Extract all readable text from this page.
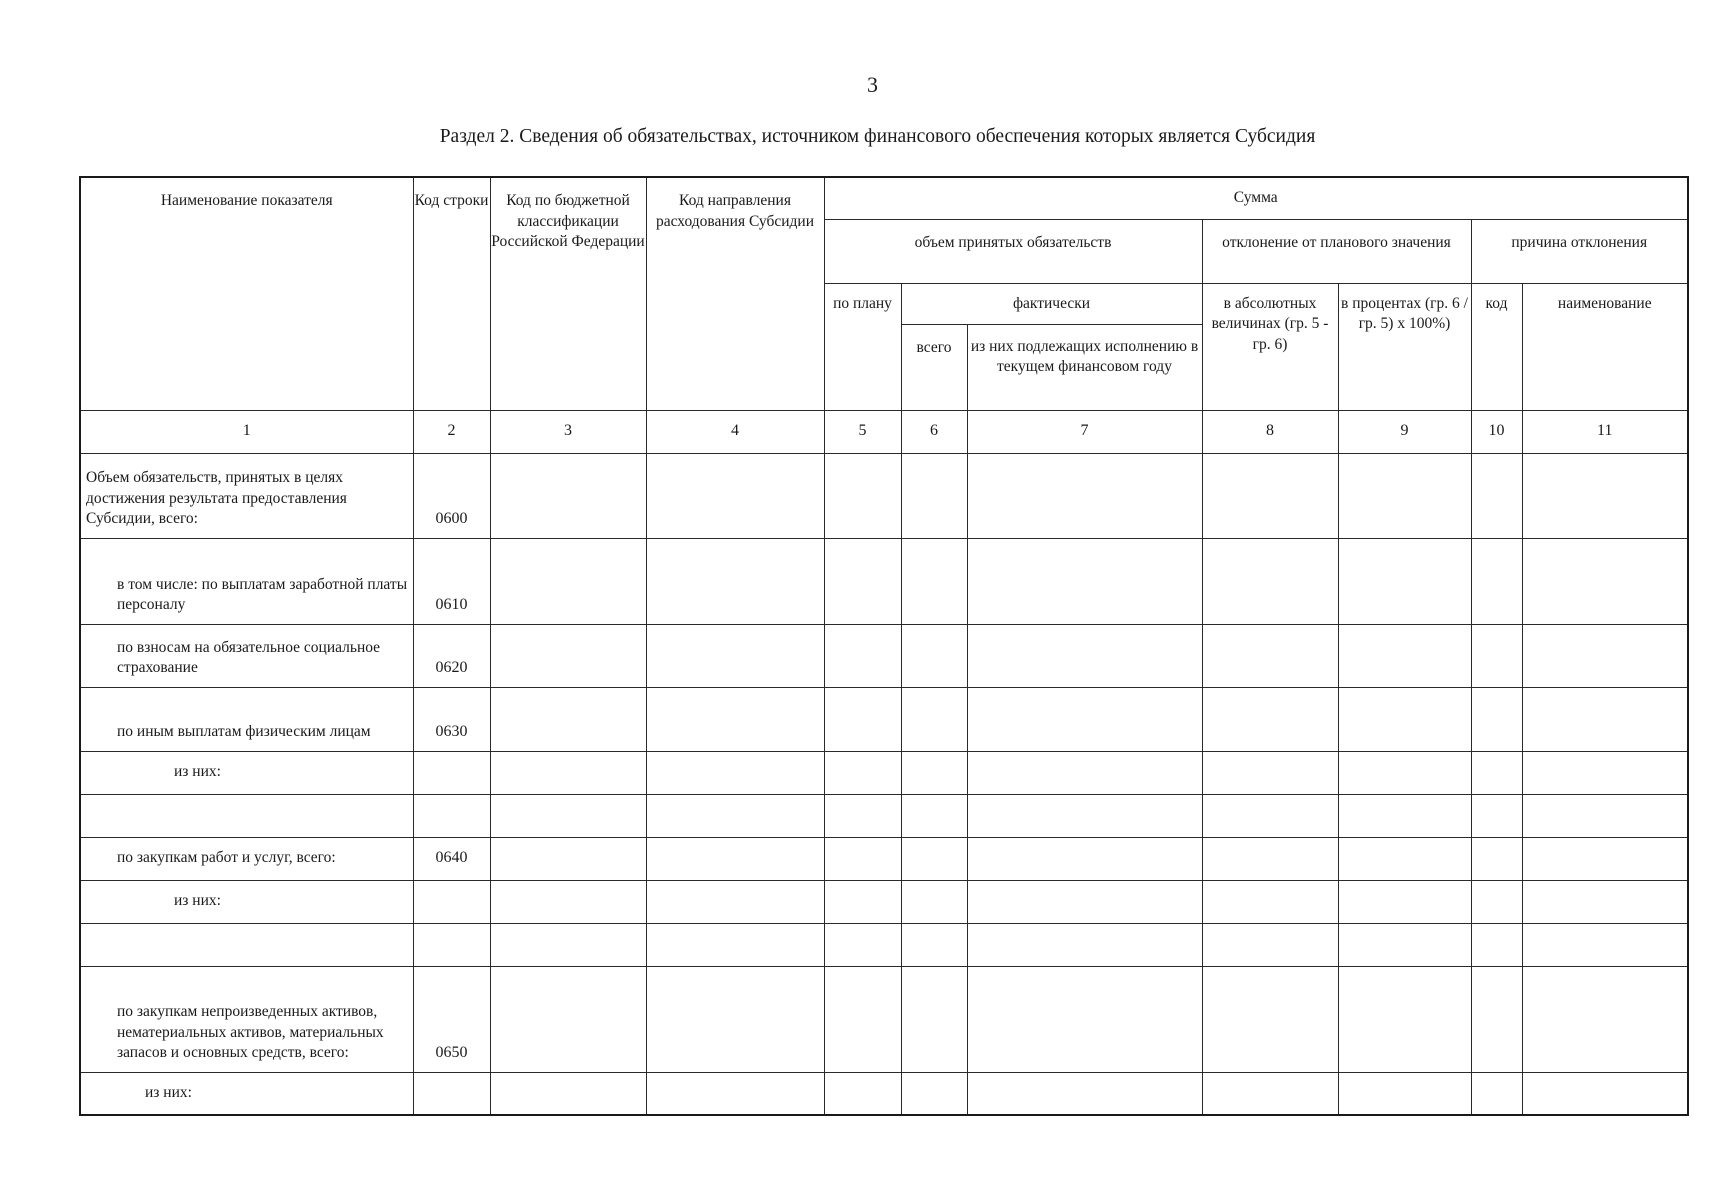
3
Раздел 2. Сведения об обязательствах, источником финансового обеспечения которых является Субсидия
Наименование показателя	Код строки	Код по бюджетной классификации Российской Федерации	Код направления расходования Субсидии	Сумма						
				объем принятых обязательств			отклонение от планового значения		причина отклонения	
				по плану	фактически		в абсолютных величинах (гр. 5 - гр. 6)	в процентах (гр. 6 / гр. 5) x 100%)	код	наименование
					всего	из них подлежащих исполнению в текущем финансовом году				
1	2	3	4	5	6	7	8	9	10	11
Объем обязательств, принятых в целях достижения результата предоставления Субсидии, всего:	0600									
в том числе: по выплатам заработной платы персоналу	0610									
по взносам на обязательное социальное страхование	0620									
по иным выплатам физическим лицам	0630									
из них:										

по закупкам работ и услуг, всего:	0640									
из них:										

по закупкам непроизведенных активов, нематериальных активов, материальных запасов и основных средств, всего:	0650									
из них:										
